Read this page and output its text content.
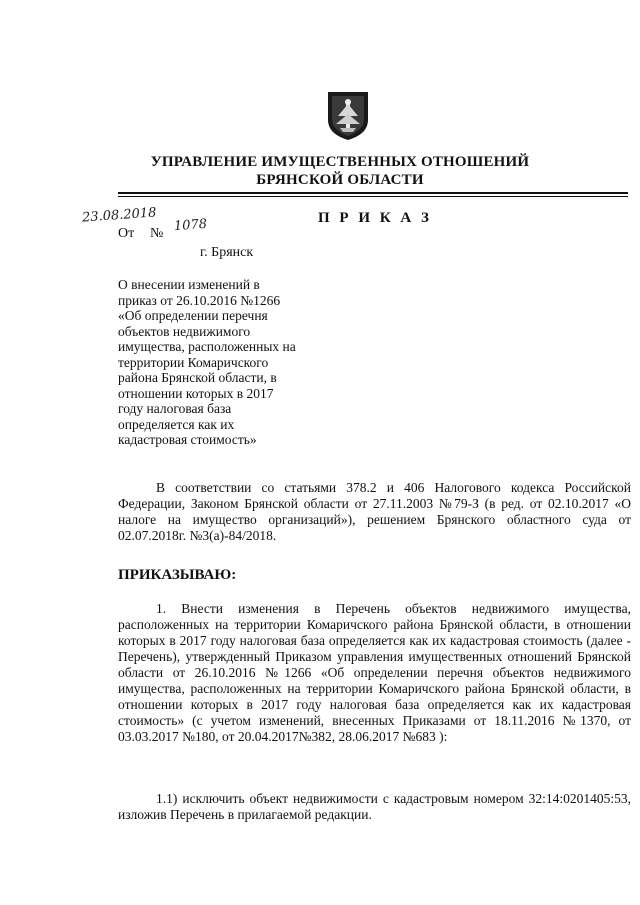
УПРАВЛЕНИЕ ИМУЩЕСТВЕННЫХ ОТНОШЕНИЙ
БРЯНСКОЙ ОБЛАСТИ
П Р И К А З
23.08.2018 1078
От №
г. Брянск
О внесении изменений в
приказ от 26.10.2016 №1266
«Об определении перечня
объектов недвижимого
имущества, расположенных на
территории Комаричского
района Брянской области, в
отношении которых в 2017
году налоговая база
определяется как их
кадастровая стоимость»
В соответствии со статьями 378.2 и 406 Налогового кодекса Российской Федерации, Законом Брянской области от 27.11.2003 №79-З (в ред. от 02.10.2017 «О налоге на имущество организаций»), решением Брянского областного суда от 02.07.2018г. №3(а)-84/2018.
ПРИКАЗЫВАЮ:
1. Внести изменения в Перечень объектов недвижимого имущества, расположенных на территории Комаричского района Брянской области, в отношении которых в 2017 году налоговая база определяется как их кадастровая стоимость (далее - Перечень), утвержденный Приказом управления имущественных отношений Брянской области от 26.10.2016 №1266 «Об определении перечня объектов недвижимого имущества, расположенных на территории Комаричского района Брянской области, в отношении которых в 2017 году налоговая база определяется как их кадастровая стоимость» (с учетом изменений, внесенных Приказами от 18.11.2016 №1370, от 03.03.2017 №180, от 20.04.2017№382, 28.06.2017 №683 ):
1.1) исключить объект недвижимости с кадастровым номером 32:14:0201405:53, изложив Перечень в прилагаемой редакции.
